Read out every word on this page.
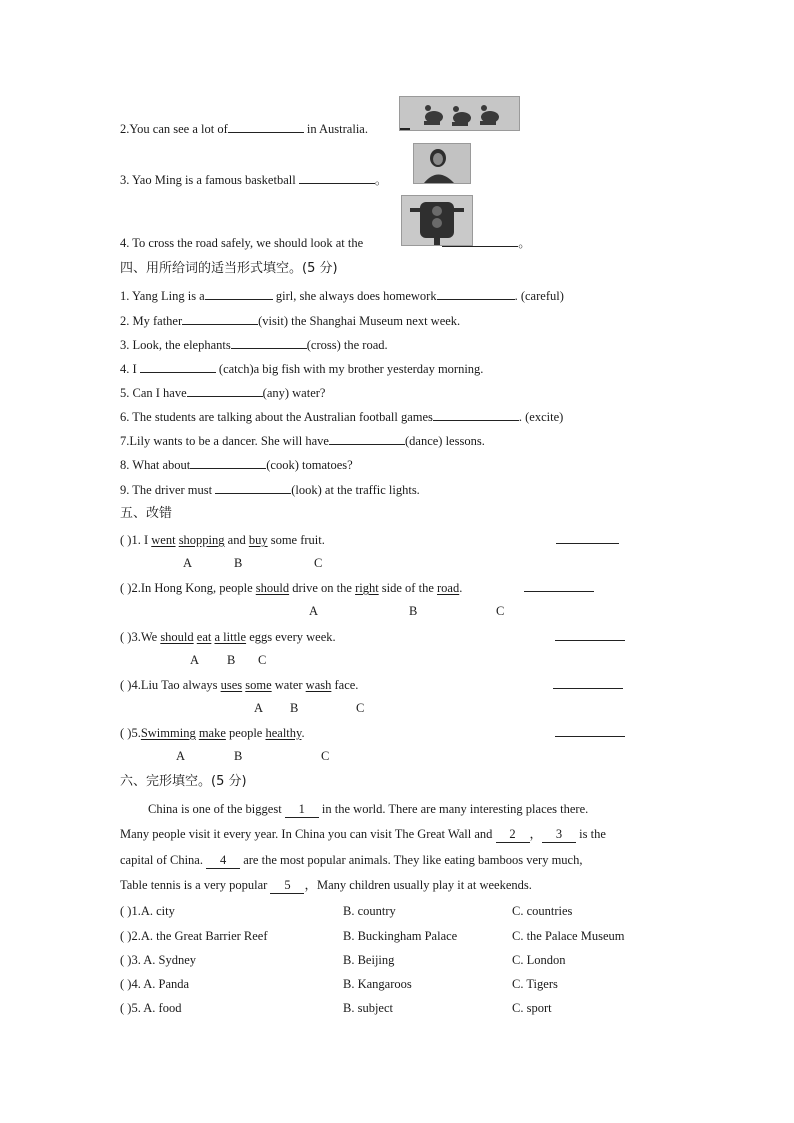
2.You can see a lot of	in Australia.
3. Yao Ming is a famous basketball	。
4. To cross the road safely, we should look at the	。
四、用所给词的适当形式填空。(5 分)
1. Yang Ling is a	girl, she always does homework	. (careful)
2. My father	(visit) the Shanghai Museum next week.
3. Look, the elephants	(cross) the road.
4. I	(catch)a big fish with my brother yesterday morning.
5. Can I have	(any) water?
6. The students are talking about the Australian football games	. (excite)
7.Lily wants to be a dancer. She will have	(dance) lessons.
8. What about	(cook) tomatoes?
9. The driver must	(look) at the traffic lights.
五、改错
( )1. I went shopping and buy some fruit.
A	B	C
( )2.In Hong Kong, people should drive on the right side of the road.
A	B	C
( )3.We should eat a little eggs every week.
A B C
( )4.Liu Tao always uses some water wash face.
A B	C
( )5.Swimming make people healthy.
A	B	C
六、完形填空。(5 分)
China is one of the biggest 1 in the world. There are many interesting places there.
Many people visit it every year. In China you can visit The Great Wall and 2 ， 3 is the
capital of China. 4 are the most popular animals. They like eating bamboos very much,
Table tennis is a very popular 5 ，Many children usually play it at weekends.
( )1.A. city	B. country	C. countries
( )2.A. the Great Barrier Reef	B. Buckingham Palace	C. the Palace Museum
( )3. A. Sydney	B. Beijing	C. London
( )4. A. Panda	B. Kangaroos	C. Tigers
( )5. A. food	B. subject	C. sport
